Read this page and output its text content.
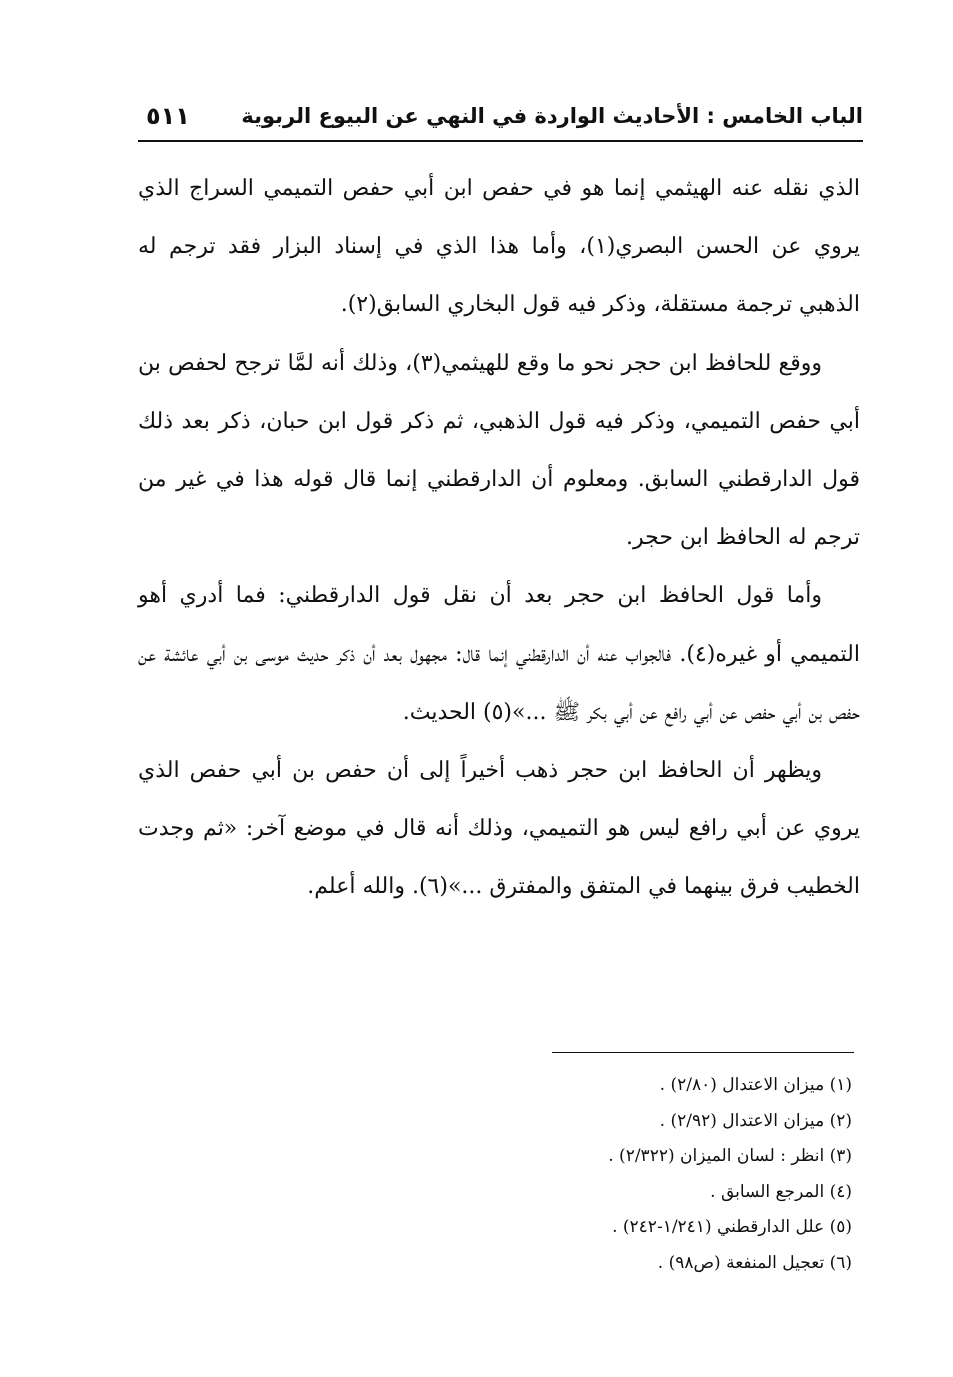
الباب الخامس : الأحاديث الواردة في النهي عن البيوع الربوية
٥١١

الذي نقله عنه الهيثمي إنما هو في حفص ابن أبي حفص التميمي السراج الذي يروي عن الحسن البصري(١)، وأما هذا الذي في إسناد البزار فقد ترجم له الذهبي ترجمة مستقلة، وذكر فيه قول البخاري السابق(٢).

ووقع للحافظ ابن حجر نحو ما وقع للهيثمي(٣)، وذلك أنه لمَّا ترجح لحفص بن أبي حفص التميمي، وذكر فيه قول الذهبي، ثم ذكر قول ابن حبان، ذكر بعد ذلك قول الدارقطني السابق. ومعلوم أن الدارقطني إنما قال قوله هذا في غير من ترجم له الحافظ ابن حجر.

وأما قول الحافظ ابن حجر بعد أن نقل قول الدارقطني: فما أدري أهو التميمي أو غيره(٤). فالجواب عنه أن الدارقطني إنما قال: مجهول بعد أن ذكر حديث موسى بن أبي عائشة عن حفص بن أبي حفص عن أبي رافع عن أبي بكر ﷺ ...»(٥) الحديث.

ويظهر أن الحافظ ابن حجر ذهب أخيراً إلى أن حفص بن أبي حفص الذي يروي عن أبي رافع ليس هو التميمي، وذلك أنه قال في موضع آخر: «ثم وجدت الخطيب فرق بينهما في المتفق والمفترق ...»(٦). والله أعلم.

(١) ميزان الاعتدال (٢/٨٠) .
(٢) ميزان الاعتدال (٢/٩٢) .
(٣) انظر : لسان الميزان (٢/٣٢٢) .
(٤) المرجع السابق .
(٥) علل الدارقطني (١/٢٤١-٢٤٢) .
(٦) تعجيل المنفعة (ص٩٨) .
